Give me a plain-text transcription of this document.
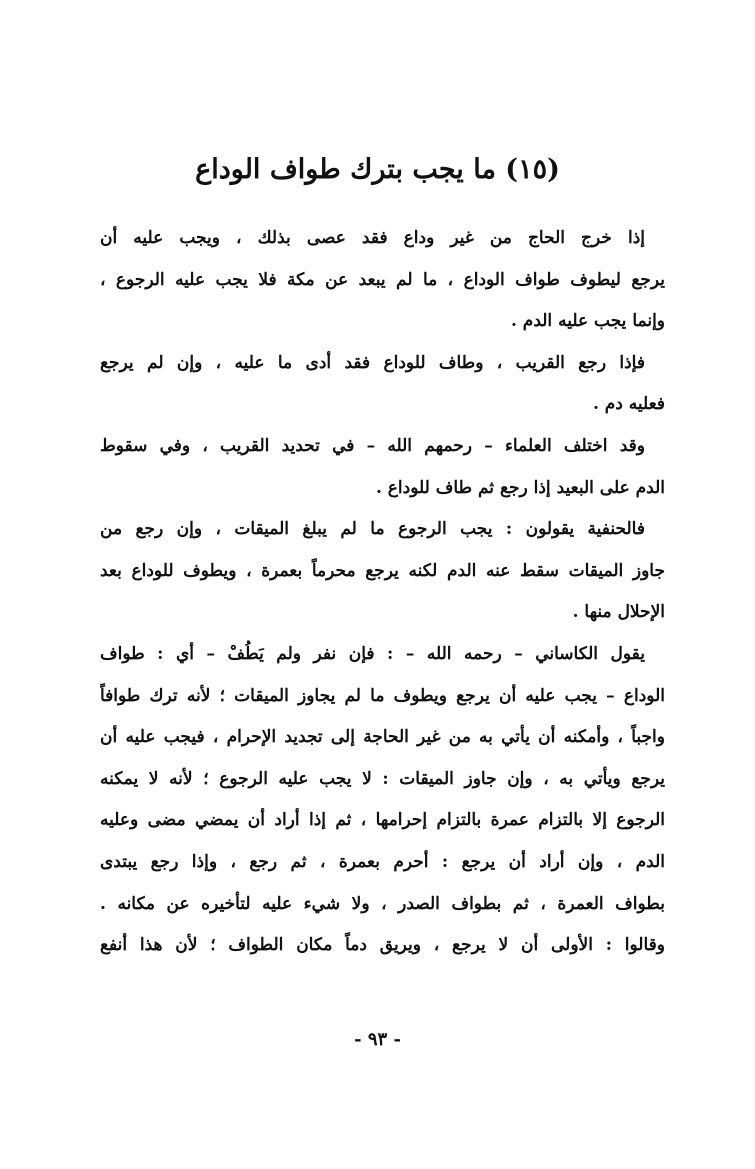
(١٥) ما يجب بترك طواف الوداع
إذا خرج الحاج من غير وداع فقد عصى بذلك ، ويجب عليه أن
يرجع ليطوف طواف الوداع ، ما لم يبعد عن مكة فلا يجب عليه الرجوع ،
وإنما يجب عليه الدم .
فإذا رجع القريب ، وطاف للوداع فقد أدى ما عليه ، وإن لم يرجع
فعليه دم .
وقد اختلف العلماء – رحمهم الله – في تحديد القريب ، وفي سقوط
الدم على البعيد إذا رجع ثم طاف للوداع .
فالحنفية يقولون : يجب الرجوع ما لم يبلغ الميقات ، وإن رجع من
جاوز الميقات سقط عنه الدم لكنه يرجع محرماً بعمرة ، ويطوف للوداع بعد
الإحلال منها .
يقول الكاساني – رحمه الله – : فإن نفر ولم يَطُفْ – أي : طواف
الوداع – يجب عليه أن يرجع ويطوف ما لم يجاوز الميقات ؛ لأنه ترك طوافاً
واجباً ، وأمكنه أن يأتي به من غير الحاجة إلى تجديد الإحرام ، فيجب عليه أن
يرجع ويأتي به ، وإن جاوز الميقات : لا يجب عليه الرجوع ؛ لأنه لا يمكنه
الرجوع إلا بالتزام عمرة بالتزام إحرامها ، ثم إذا أراد أن يمضي مضى وعليه
الدم ، وإن أراد أن يرجع : أحرم بعمرة ، ثم رجع ، وإذا رجع يبتدى
بطواف العمرة ، ثم بطواف الصدر ، ولا شيء عليه لتأخيره عن مكانه .
وقالوا : الأولى أن لا يرجع ، ويريق دماً مكان الطواف ؛ لأن هذا أنفع
- ٩٣ -
